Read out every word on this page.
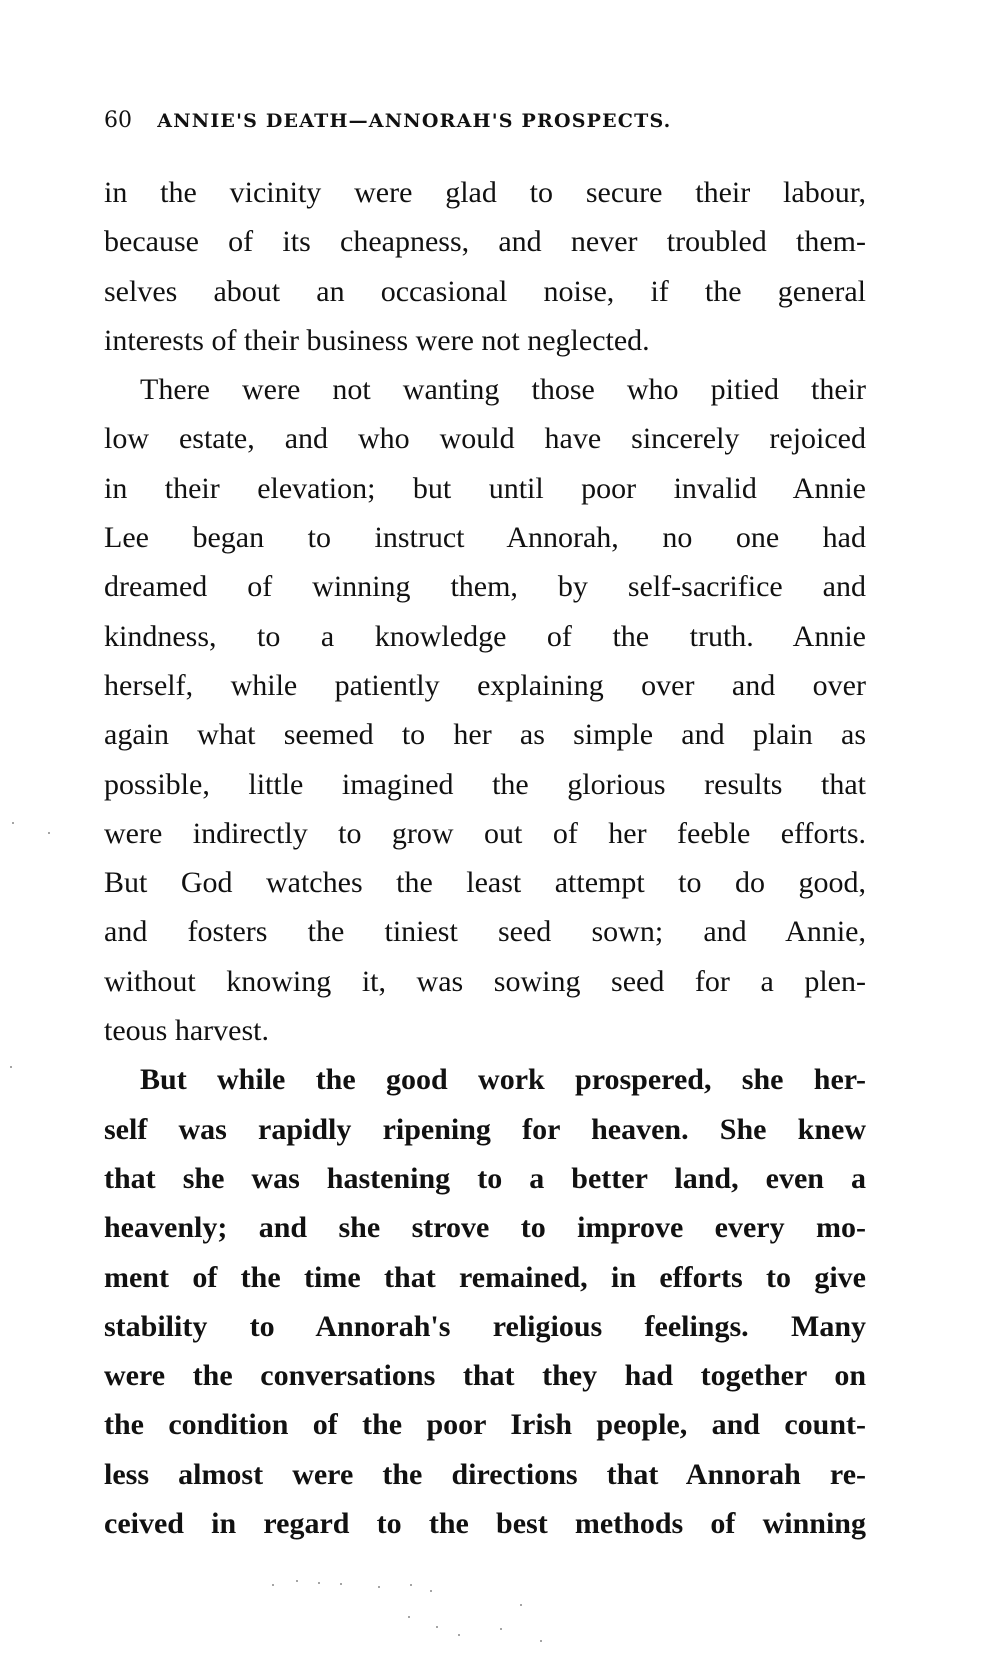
60 ANNIE'S DEATH—ANNORAH'S PROSPECTS.
in the vicinity were glad to secure their labour,
because of its cheapness, and never troubled them-
selves about an occasional noise, if the general
interests of their business were not neglected.
There were not wanting those who pitied their
low estate, and who would have sincerely rejoiced
in their elevation; but until poor invalid Annie
Lee began to instruct Annorah, no one had
dreamed of winning them, by self-sacrifice and
kindness, to a knowledge of the truth. Annie
herself, while patiently explaining over and over
again what seemed to her as simple and plain as
possible, little imagined the glorious results that
were indirectly to grow out of her feeble efforts.
But God watches the least attempt to do good,
and fosters the tiniest seed sown; and Annie,
without knowing it, was sowing seed for a plen-
teous harvest.
But while the good work prospered, she her-
self was rapidly ripening for heaven. She knew
that she was hastening to a better land, even a
heavenly; and she strove to improve every mo-
ment of the time that remained, in efforts to give
stability to Annorah's religious feelings. Many
were the conversations that they had together on
the condition of the poor Irish people, and count-
less almost were the directions that Annorah re-
ceived in regard to the best methods of winning
